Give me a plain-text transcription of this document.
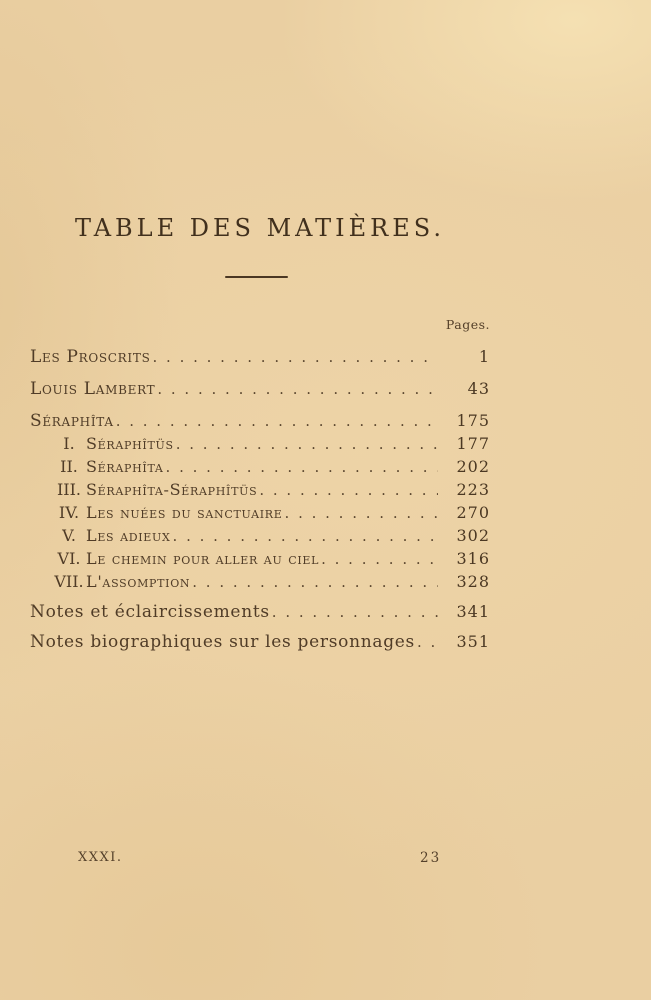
TABLE DES MATIÈRES.
Pages.
Les Proscrits . . .	1
Louis Lambert . . .	43
Séraphîta . . .	175
I. Séraphîtüs . . .	177
II. Séraphîta . . .	202
III. Séraphîta-Séraphîtüs . . .	223
IV. Les nuées du sanctuaire . . .	270
V. Les adieux . . .	302
VI. Le chemin pour aller au ciel . . .	316
VII. L'assomption . . .	328
Notes et éclaircissements . . .	341
Notes biographiques sur les personnages . . .	351
XXXI.	23
